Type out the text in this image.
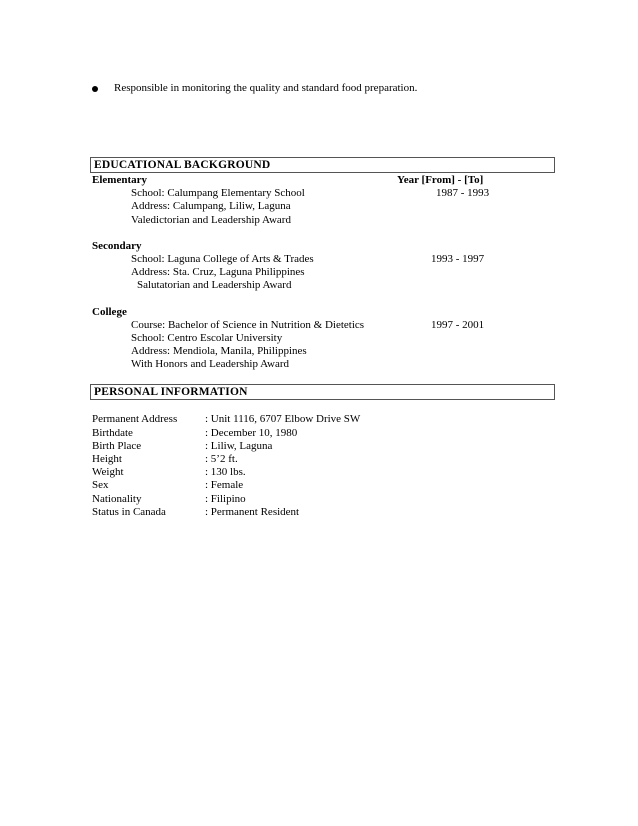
Responsible in monitoring the quality and standard food preparation.
EDUCATIONAL BACKGROUND
Elementary	Year [From] - [To]
School: Calumpang Elementary School	1987 - 1993
Address: Calumpang, Liliw, Laguna
Valedictorian and Leadership Award
Secondary
School: Laguna College of Arts & Trades	1993 - 1997
Address: Sta. Cruz, Laguna Philippines
Salutatorian and Leadership Award
College
Course: Bachelor of Science in Nutrition & Dietetics	1997 - 2001
School: Centro Escolar University
Address: Mendiola, Manila, Philippines
With Honors and Leadership Award
PERSONAL INFORMATION
Permanent Address	: Unit 1116, 6707 Elbow Drive SW
Birthdate	: December 10, 1980
Birth Place	: Liliw, Laguna
Height	: 5’2 ft.
Weight	: 130 lbs.
Sex	: Female
Nationality	: Filipino
Status in Canada	: Permanent Resident
